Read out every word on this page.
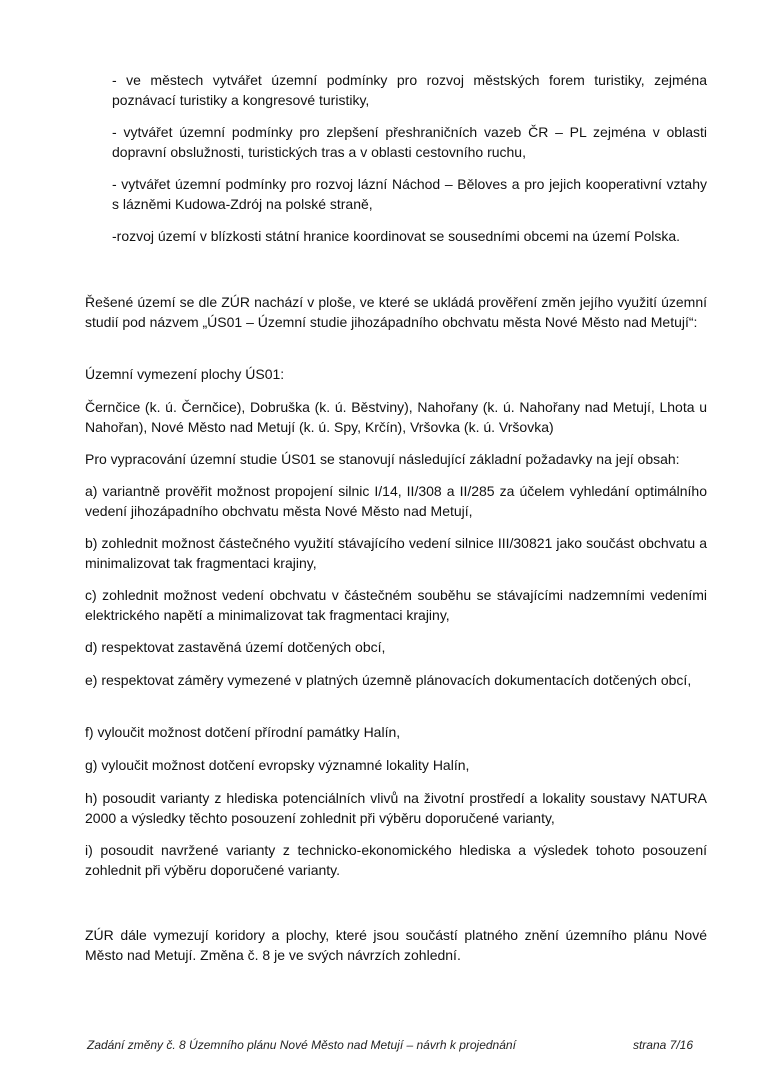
- ve městech vytvářet územní podmínky pro rozvoj městských forem turistiky, zejména poznávací turistiky a kongresové turistiky,

- vytvářet územní podmínky pro zlepšení přeshraničních vazeb ČR – PL zejména v oblasti dopravní obslužnosti, turistických tras a v oblasti cestovního ruchu,

- vytvářet územní podmínky pro rozvoj lázní Náchod – Běloves a pro jejich kooperativní vztahy s lázněmi Kudowa-Zdrój na polské straně,

-rozvoj území v blízkosti státní hranice koordinovat se sousedními obcemi na území Polska.

Řešené území se dle ZÚR nachází v ploše, ve které se ukládá prověření změn jejího využití územní studií pod názvem „ÚS01 – Územní studie jihozápadního obchvatu města Nové Město nad Metují“:

Územní vymezení plochy ÚS01:

Černčice (k. ú. Černčice), Dobruška (k. ú. Běstviny), Nahořany (k. ú. Nahořany nad Metují, Lhota u Nahořan), Nové Město nad Metují (k. ú. Spy, Krčín), Vršovka (k. ú. Vršovka)

Pro vypracování územní studie ÚS01 se stanovují následující základní požadavky na její obsah:

a) variantně prověřit možnost propojení silnic I/14, II/308 a II/285 za účelem vyhledání optimálního vedení jihozápadního obchvatu města Nové Město nad Metují,

b) zohlednit možnost částečného využití stávajícího vedení silnice III/30821 jako součást obchvatu a minimalizovat tak fragmentaci krajiny,

c) zohlednit možnost vedení obchvatu v částečném souběhu se stávajícími nadzemními vedeními elektrického napětí a minimalizovat tak fragmentaci krajiny,

d) respektovat zastavěná území dotčených obcí,

e) respektovat záměry vymezené v platných územně plánovacích dokumentacích dotčených obcí,

f) vyloučit možnost dotčení přírodní památky Halín,

g) vyloučit možnost dotčení evropsky významné lokality Halín,

h) posoudit varianty z hlediska potenciálních vlivů na životní prostředí a lokality soustavy NATURA 2000 a výsledky těchto posouzení zohlednit při výběru doporučené varianty,

i) posoudit navržené varianty z technicko-ekonomického hlediska a výsledek tohoto posouzení zohlednit při výběru doporučené varianty.

ZÚR dále vymezují koridory a plochy, které jsou součástí platného znění územního plánu Nové Město nad Metují. Změna č. 8 je ve svých návrzích zohlední.

Zadání změny č. 8 Územního plánu Nové Město nad Metují – návrh k projednání	strana 7/16
